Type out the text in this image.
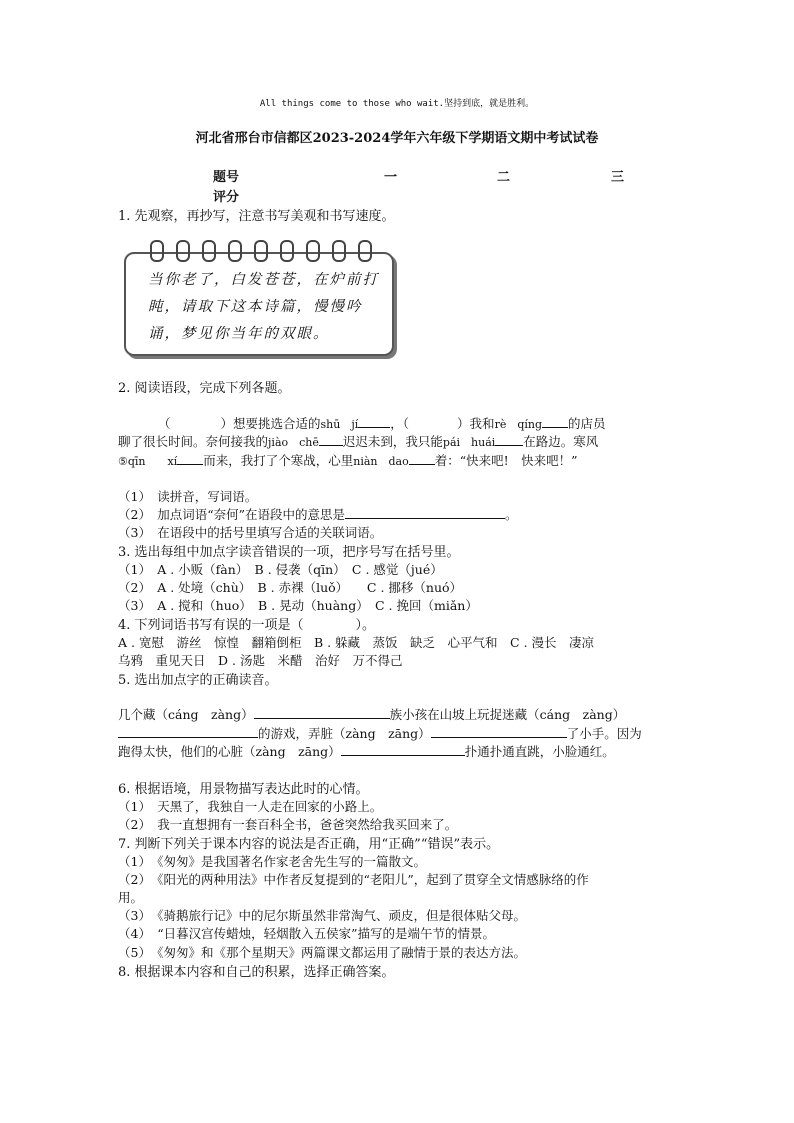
All things come to those who wait.坚持到底，就是胜利。
河北省邢台市信都区2023-2024学年六年级下学期语文期中考试试卷
题号	一	二	三
评分
1. 先观察，再抄写，注意书写美观和书写速度。
当你老了，白发苍苍，在炉前打
盹，请取下这本诗篇，慢慢吟
诵，梦见你当年的双眼。
2. 阅读语段，完成下列各题。
（	）想要挑选合适的shū　jí	，（	）我和rè　qíng 的店员
聊了很长时间。奈何接我的jiào　chē 迟迟未到，我只能pái　huái 在路边。寒风
⑤qīn　　xí 而来，我打了个寒战，心里niàn　dao 着：“快来吧!　快来吧！”
（1）　读拼音，写词语。
（2）　加点词语“奈何”在语段中的意思是	。
（3）　在语段中的括号里填写合适的关联词语。
3. 选出每组中加点字读音错误的一项，把序号写在括号里。
（1）　A . 小贩（fàn）　B . 侵袭（qīn）　C . 感觉（jué）
（2）　A . 处境（chù）　B . 赤裸（luǒ）　　C . 挪移（nuó）
（3）　A . 搅和（huo）　B . 晃动（huàng）　C . 挽回（miǎn）
4. 下列词语书写有误的一项是（　　　　）。
A . 宽慰　游丝　惊惶　翻箱倒柜　B . 躲藏　蒸饭　缺乏　心平气和　C . 漫长　凄凉
乌鸦　重见天日　D . 汤匙　米醋　治好　万不得己
5. 选出加点字的正确读音。
几个藏（cáng　zàng）	族小孩在山坡上玩捉迷藏（cáng　zàng）
的游戏，弄脏（zàng　zāng）	了小手。因为
跑得太快，他们的心脏（zàng　zāng）	扑通扑通直跳，小脸通红。
6. 根据语境，用景物描写表达此时的心情。
（1）　天黑了，我独自一人走在回家的小路上。
（2）　我一直想拥有一套百科全书，爸爸突然给我买回来了。
7. 判断下列关于课本内容的说法是否正确，用“正确”“错误”表示。
（1）　《匆匆》是我国著名作家老舍先生写的一篇散文。
（2）　《阳光的两种用法》中作者反复提到的“老阳儿”，起到了贯穿全文情感脉络的作
用。
（3）　《骑鹅旅行记》中的尼尔斯虽然非常淘气、顽皮，但是很体贴父母。
（4）　“日暮汉宫传蜡烛，轻烟散入五侯家”描写的是端午节的情景。
（5）　《匆匆》和《那个星期天》两篇课文都运用了融情于景的表达方法。
8. 根据课本内容和自己的积累，选择正确答案。
